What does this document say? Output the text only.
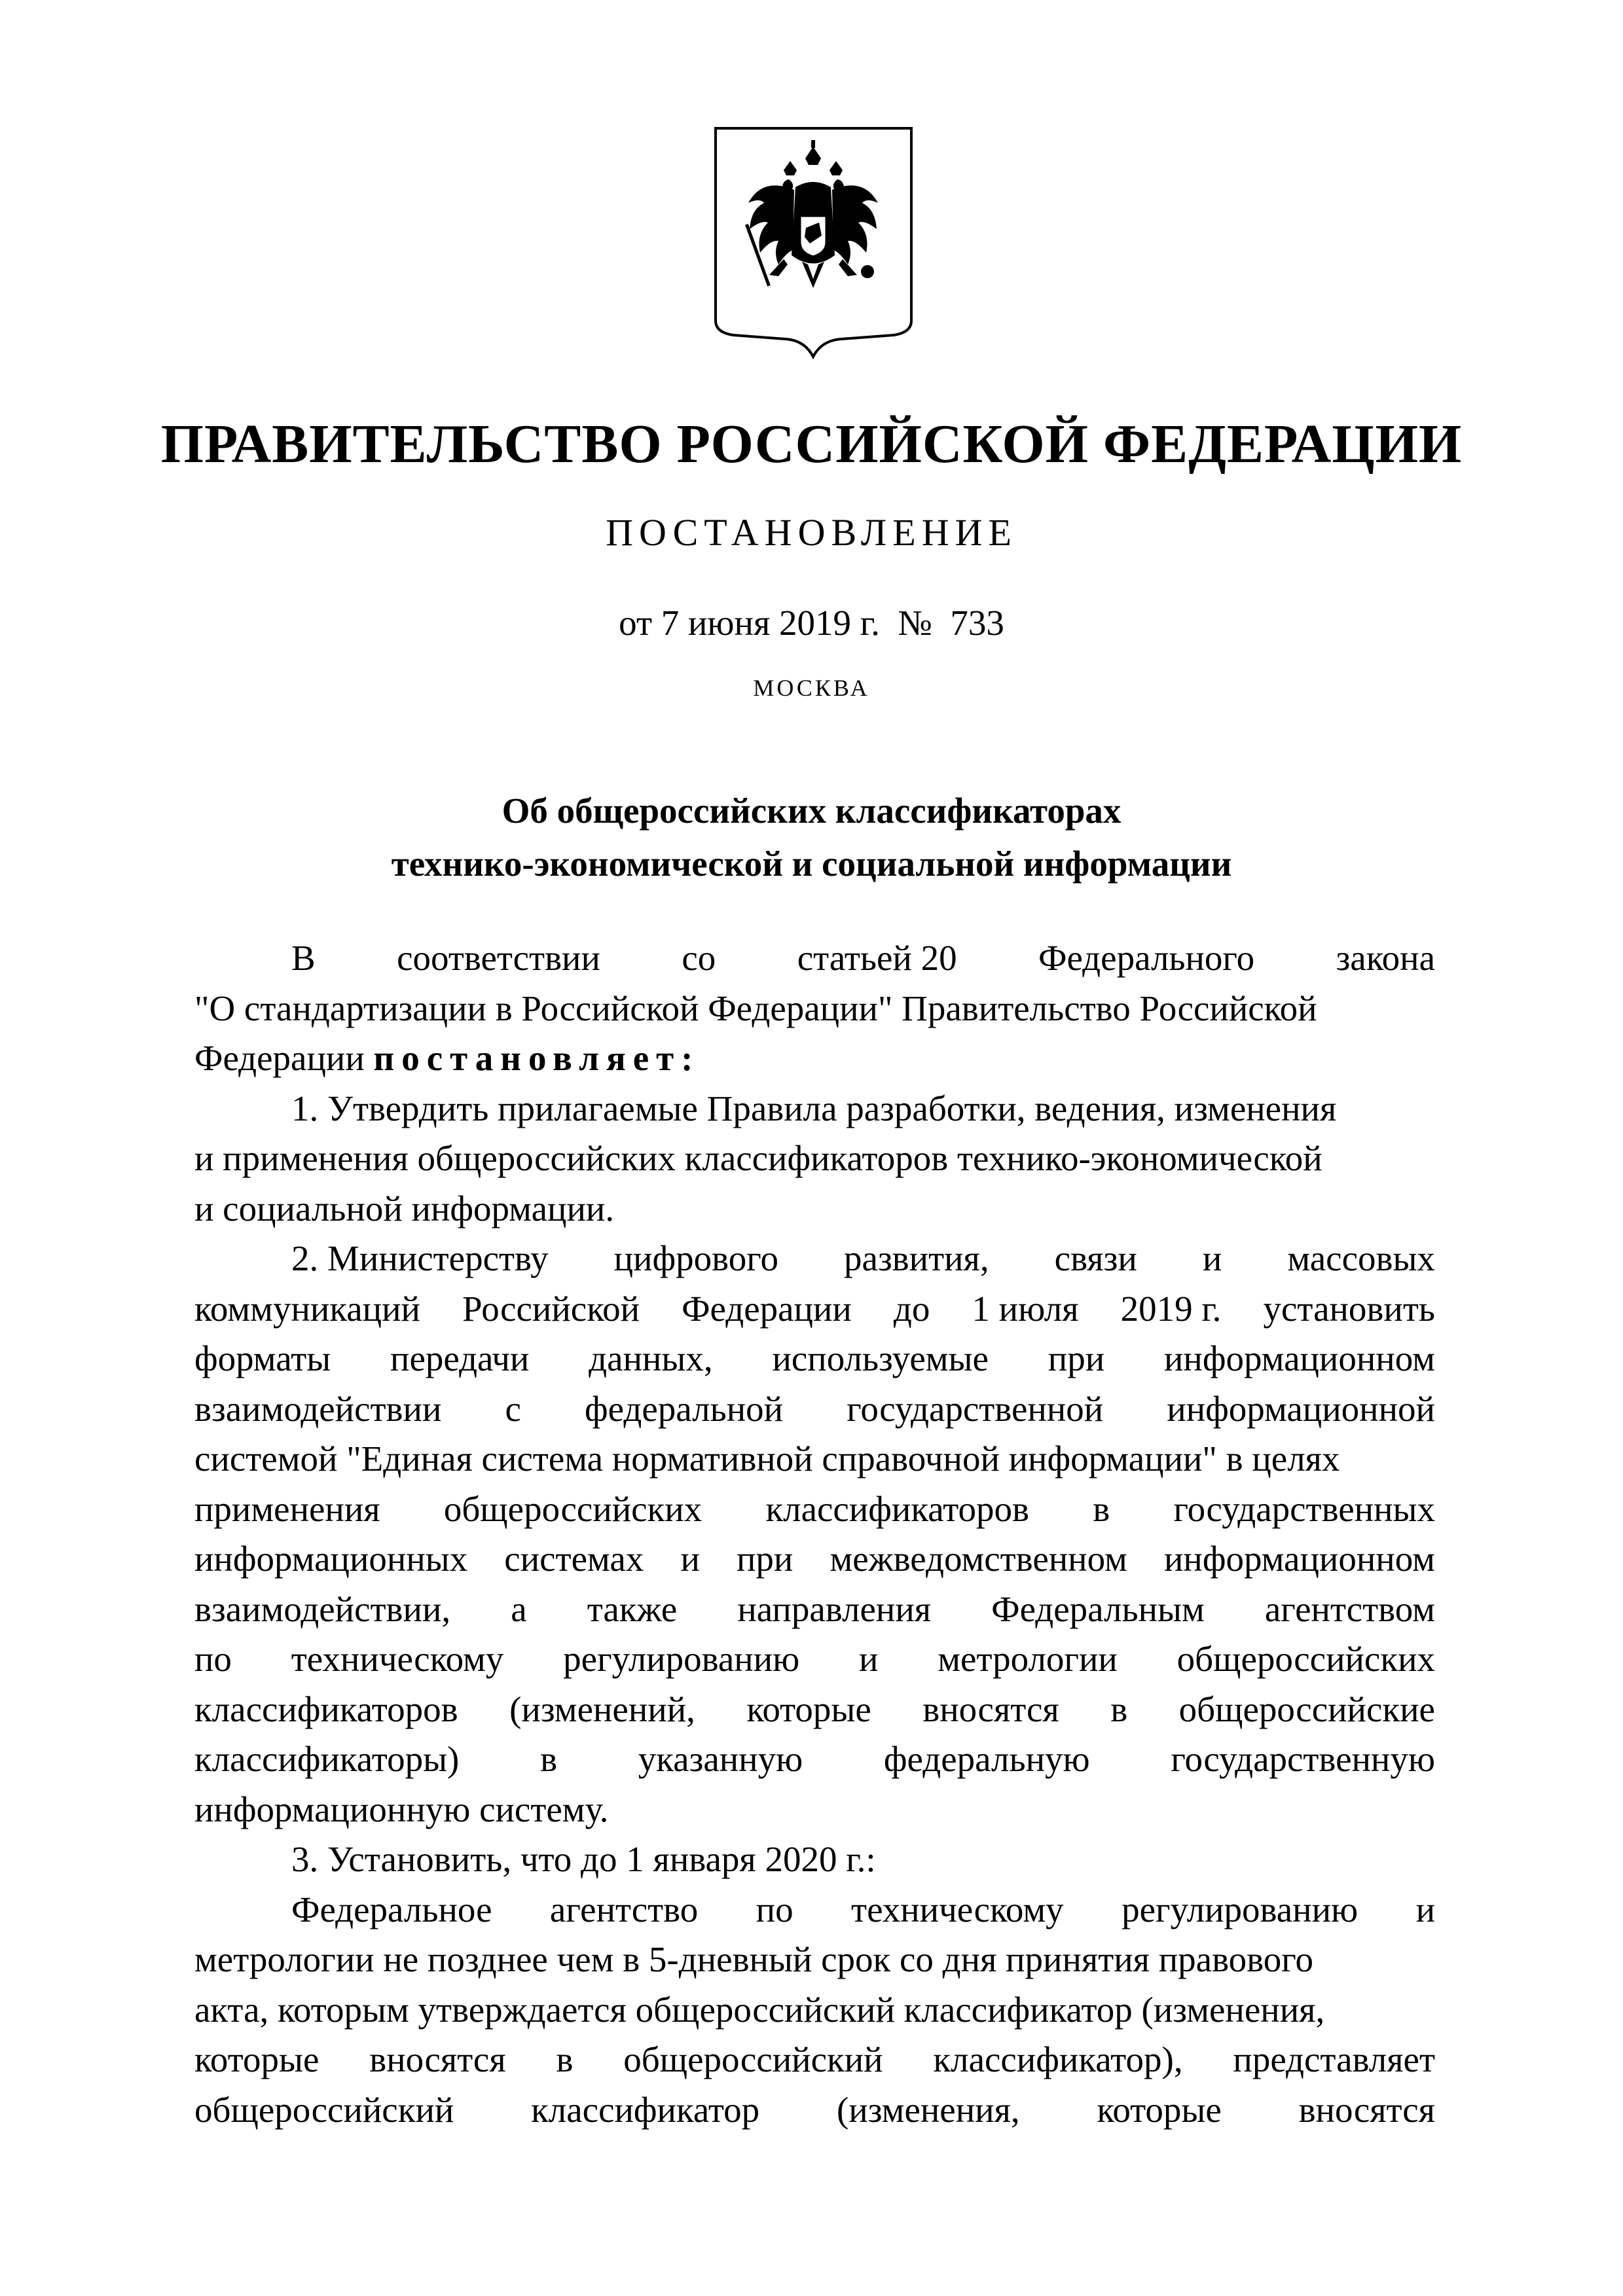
ПРАВИТЕЛЬСТВО РОССИЙСКОЙ ФЕДЕРАЦИИ
ПОСТАНОВЛЕНИЕ
от 7 июня 2019 г.  №  733
МОСКВА
Об общероссийских классификаторах
технико-экономической и социальной информации
В соответствии со статьей 20 Федерального закона
"О стандартизации в Российской Федерации" Правительство Российской
Федерации постановляет:
1. Утвердить прилагаемые Правила разработки, ведения, изменения
и применения общероссийских классификаторов технико-экономической
и социальной информации.
2. Министерству цифрового развития, связи и массовых
коммуникаций Российской Федерации до 1 июля 2019 г. установить
форматы передачи данных, используемые при информационном
взаимодействии с федеральной государственной информационной
системой "Единая система нормативной справочной информации" в целях
применения общероссийских классификаторов в государственных
информационных системах и при межведомственном информационном
взаимодействии, а также направления Федеральным агентством
по техническому регулированию и метрологии общероссийских
классификаторов (изменений, которые вносятся в общероссийские
классификаторы) в указанную федеральную государственную
информационную систему.
3. Установить, что до 1 января 2020 г.:
Федеральное агентство по техническому регулированию и
метрологии не позднее чем в 5-дневный срок со дня принятия правового
акта, которым утверждается общероссийский классификатор (изменения,
которые вносятся в общероссийский классификатор), представляет
общероссийский классификатор (изменения, которые вносятся
